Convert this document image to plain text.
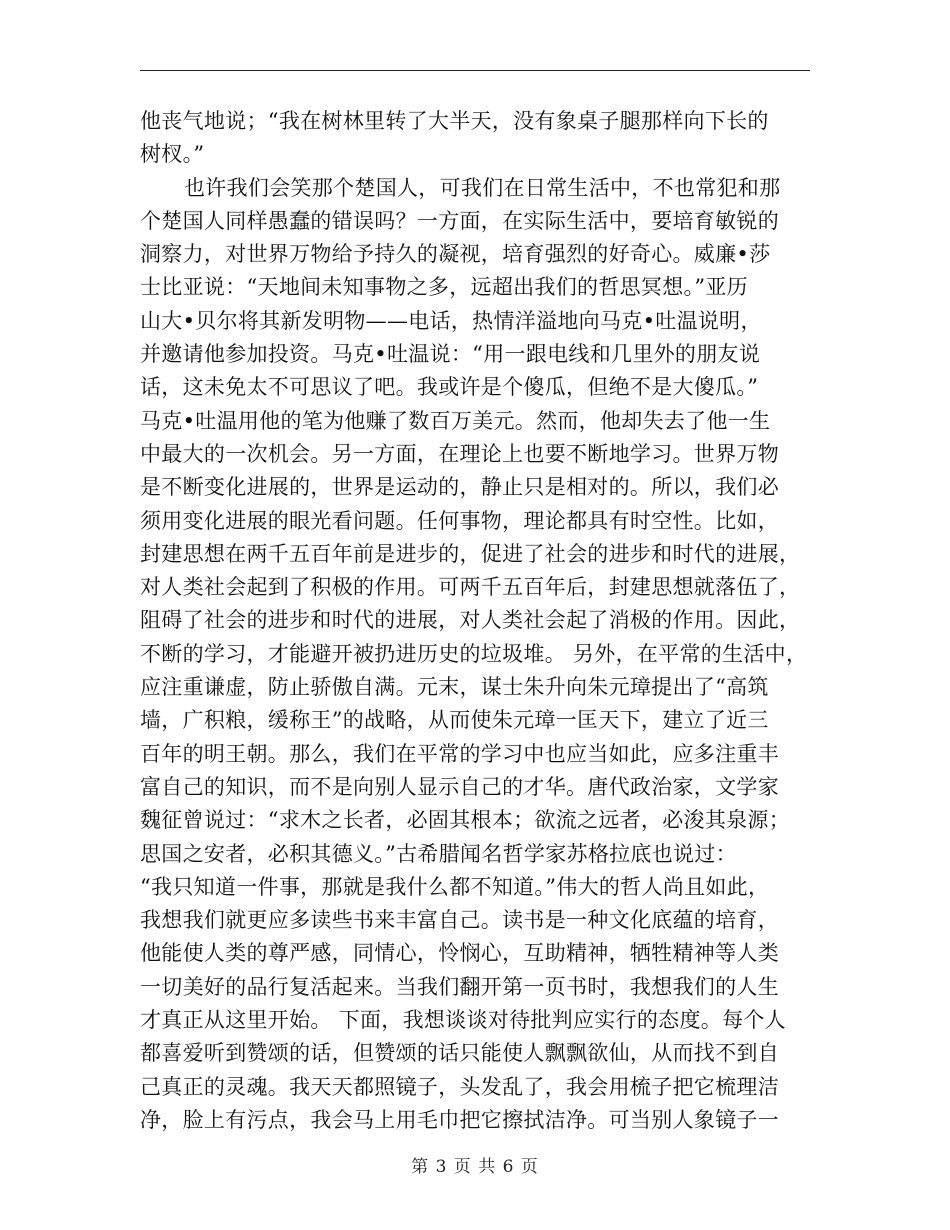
他丧气地说；“我在树林里转了大半天，没有象桌子腿那样向下长的
树杈。”
也许我们会笑那个楚国人，可我们在日常生活中，不也常犯和那
个楚国人同样愚蠢的错误吗？一方面，在实际生活中，要培育敏锐的
洞察力，对世界万物给予持久的凝视，培育强烈的好奇心。威廉•莎
士比亚说：“天地间未知事物之多，远超出我们的哲思冥想。”亚历
山大•贝尔将其新发明物——电话，热情洋溢地向马克•吐温说明，
并邀请他参加投资。马克•吐温说：“用一跟电线和几里外的朋友说
话，这未免太不可思议了吧。我或许是个傻瓜，但绝不是大傻瓜。”
马克•吐温用他的笔为他赚了数百万美元。然而，他却失去了他一生
中最大的一次机会。另一方面，在理论上也要不断地学习。世界万物
是不断变化进展的，世界是运动的，静止只是相对的。所以，我们必
须用变化进展的眼光看问题。任何事物，理论都具有时空性。比如，
封建思想在两千五百年前是进步的，促进了社会的进步和时代的进展，
对人类社会起到了积极的作用。可两千五百年后，封建思想就落伍了，
阻碍了社会的进步和时代的进展，对人类社会起了消极的作用。因此，
不断的学习，才能避开被扔进历史的垃圾堆。 另外，在平常的生活中，
应注重谦虚，防止骄傲自满。元末，谋士朱升向朱元璋提出了“高筑
墙，广积粮，缓称王”的战略，从而使朱元璋一匡天下，建立了近三
百年的明王朝。那么，我们在平常的学习中也应当如此，应多注重丰
富自己的知识，而不是向别人显示自己的才华。唐代政治家，文学家
魏征曾说过：“求木之长者，必固其根本；欲流之远者，必浚其泉源；
思国之安者，必积其德义。”古希腊闻名哲学家苏格拉底也说过：
“我只知道一件事，那就是我什么都不知道。”伟大的哲人尚且如此，
我想我们就更应多读些书来丰富自己。读书是一种文化底蕴的培育，
他能使人类的尊严感，同情心，怜悯心，互助精神，牺牲精神等人类
一切美好的品行复活起来。当我们翻开第一页书时，我想我们的人生
才真正从这里开始。 下面，我想谈谈对待批判应实行的态度。每个人
都喜爱听到赞颂的话，但赞颂的话只能使人飘飘欲仙，从而找不到自
己真正的灵魂。我天天都照镜子，头发乱了，我会用梳子把它梳理洁
净，脸上有污点，我会马上用毛巾把它擦拭洁净。可当别人象镜子一
第 3 页 共 6 页
